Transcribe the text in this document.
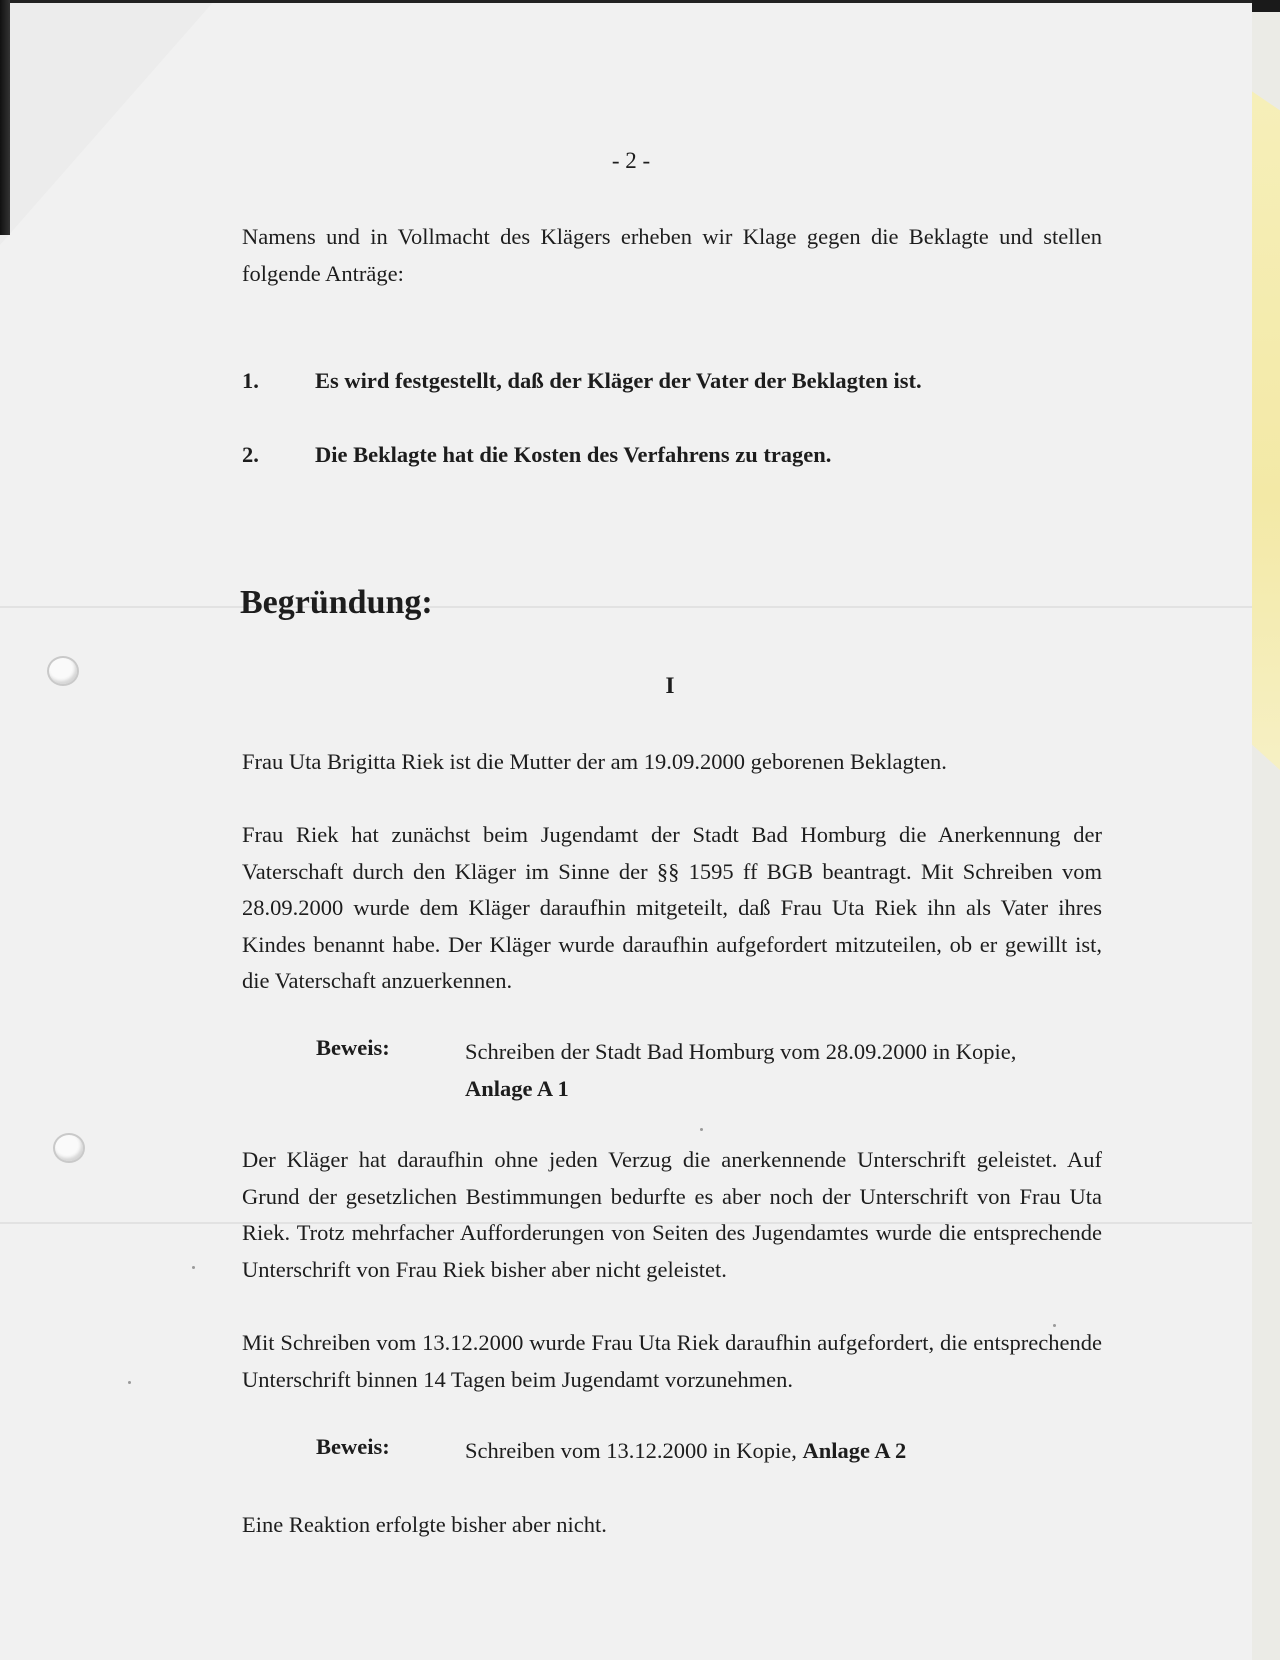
- 2 -
Namens und in Vollmacht des Klägers erheben wir Klage gegen die Beklagte und stellen folgende Anträge:
1. Es wird festgestellt, daß der Kläger der Vater der Beklagten ist.
2. Die Beklagte hat die Kosten des Verfahrens zu tragen.
Begründung:
I
Frau Uta Brigitta Riek ist die Mutter der am 19.09.2000 geborenen Beklagten.
Frau Riek hat zunächst beim Jugendamt der Stadt Bad Homburg die Anerkennung der Vaterschaft durch den Kläger im Sinne der §§ 1595 ff BGB beantragt. Mit Schreiben vom 28.09.2000 wurde dem Kläger daraufhin mitgeteilt, daß Frau Uta Riek ihn als Vater ihres Kindes benannt habe. Der Kläger wurde daraufhin aufgefordert mitzuteilen, ob er gewillt ist, die Vaterschaft anzuerkennen.
Beweis:	Schreiben der Stadt Bad Homburg vom 28.09.2000 in Kopie,
Anlage A 1
Der Kläger hat daraufhin ohne jeden Verzug die anerkennende Unterschrift geleistet. Auf Grund der gesetzlichen Bestimmungen bedurfte es aber noch der Unterschrift von Frau Uta Riek. Trotz mehrfacher Aufforderungen von Seiten des Jugendamtes wurde die entsprechende Unterschrift von Frau Riek bisher aber nicht geleistet.
Mit Schreiben vom 13.12.2000 wurde Frau Uta Riek daraufhin aufgefordert, die entsprechende Unterschrift binnen 14 Tagen beim Jugendamt vorzunehmen.
Beweis:	Schreiben vom 13.12.2000 in Kopie, Anlage A 2
Eine Reaktion erfolgte bisher aber nicht.
